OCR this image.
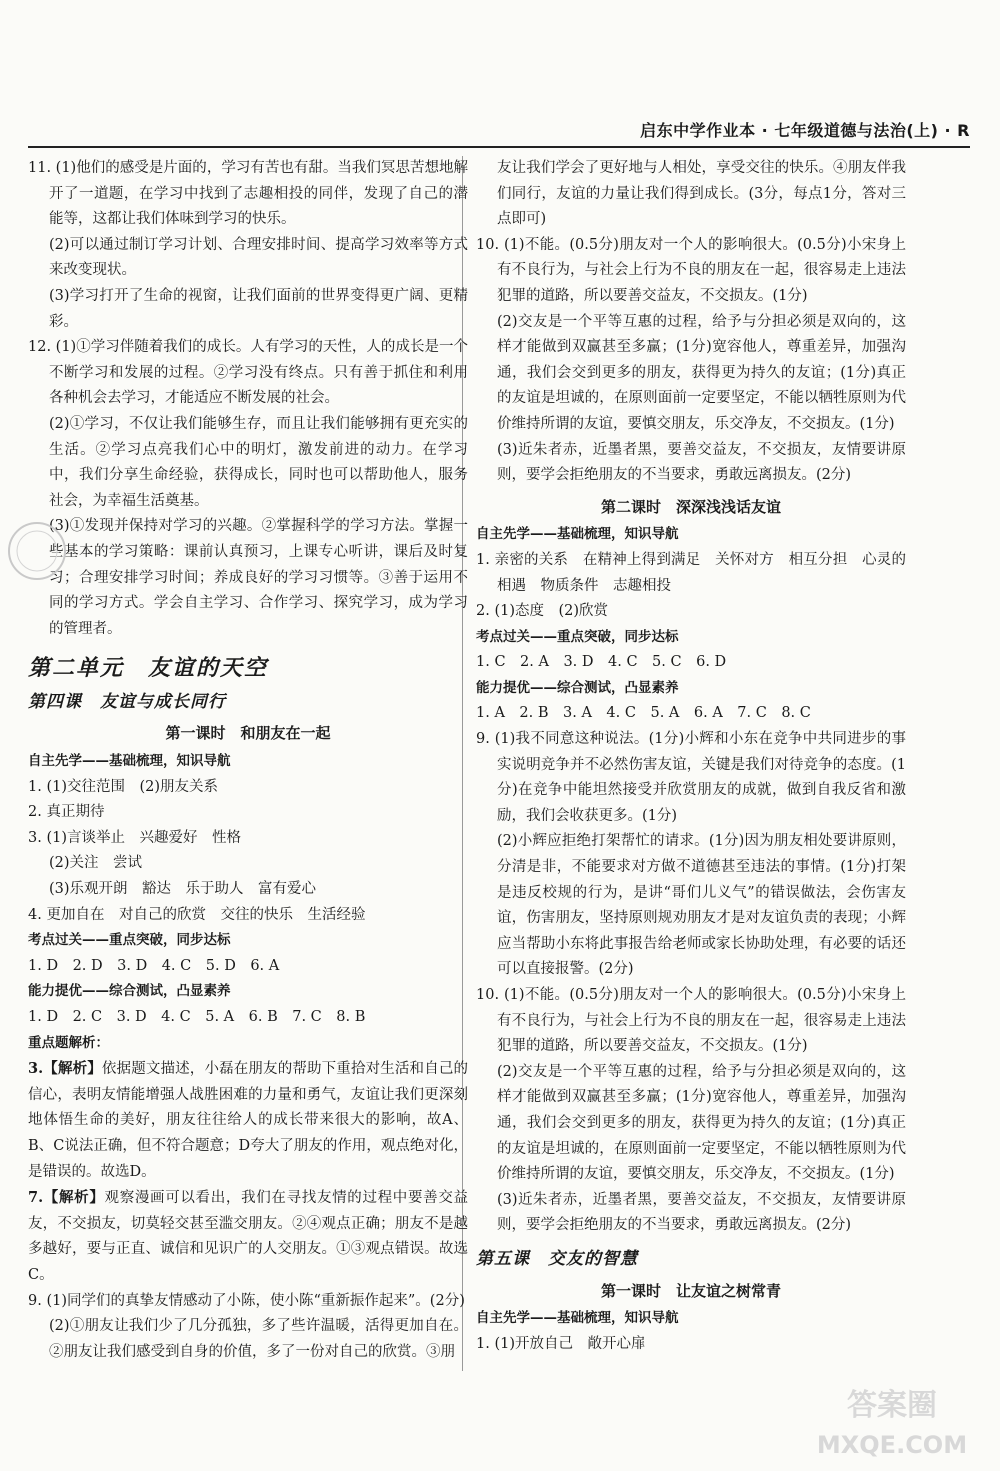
启东中学作业本 · 七年级道德与法治(上) · R

11. (1)他们的感受是片面的，学习有苦也有甜。当我们冥思苦想地解开了一道题，在学习中找到了志趣相投的同伴，发现了自己的潜能等，这都让我们体味到学习的快乐。

(2)可以通过制订学习计划、合理安排时间、提高学习效率等方式来改变现状。

(3)学习打开了生命的视窗，让我们面前的世界变得更广阔、更精彩。

12. (1)①学习伴随着我们的成长。人有学习的天性，人的成长是一个不断学习和发展的过程。②学习没有终点。只有善于抓住和利用各种机会去学习，才能适应不断发展的社会。

(2)①学习，不仅让我们能够生存，而且让我们能够拥有更充实的生活。②学习点亮我们心中的明灯，激发前进的动力。在学习中，我们分享生命经验，获得成长，同时也可以帮助他人，服务社会，为幸福生活奠基。

(3)①发现并保持对学习的兴趣。②掌握科学的学习方法。掌握一些基本的学习策略：课前认真预习，上课专心听讲，课后及时复习；合理安排学习时间；养成良好的学习习惯等。③善于运用不同的学习方式。学会自主学习、合作学习、探究学习，成为学习的管理者。

第二单元　友谊的天空
第四课　友谊与成长同行
第一课时　和朋友在一起

自主先学——基础梳理，知识导航

1. (1)交往范围　(2)朋友关系

2. 真正期待

3. (1)言谈举止　兴趣爱好　性格

(2)关注　尝试

(3)乐观开朗　豁达　乐于助人　富有爱心

4. 更加自在　对自己的欣赏　交往的快乐　生活经验

考点过关——重点突破，同步达标

1. D　2. D　3. D　4. C　5. D　6. A

能力提优——综合测试，凸显素养

1. D　2. C　3. D　4. C　5. A　6. B　7. C　8. B

重点题解析：

3.【解析】依据题文描述，小磊在朋友的帮助下重拾对生活和自己的信心，表明友情能增强人战胜困难的力量和勇气，友谊让我们更深刻地体悟生命的美好，朋友往往给人的成长带来很大的影响，故A、B、C说法正确，但不符合题意；D夸大了朋友的作用，观点绝对化，是错误的。故选D。

7.【解析】观察漫画可以看出，我们在寻找友情的过程中要善交益友，不交损友，切莫轻交甚至滥交朋友。②④观点正确；朋友不是越多越好，要与正直、诚信和见识广的人交朋友。①③观点错误。故选C。

9. (1)同学们的真挚友情感动了小陈，使小陈“重新振作起来”。(2分)

(2)①朋友让我们少了几分孤独，多了些许温暖，活得更加自在。②朋友让我们感受到自身的价值，多了一份对自己的欣赏。③朋

友让我们学会了更好地与人相处，享受交往的快乐。④朋友伴我们同行，友谊的力量让我们得到成长。(3分，每点1分，答对三点即可)

10. (1)不能。(0.5分)朋友对一个人的影响很大。(0.5分)小宋身上有不良行为，与社会上行为不良的朋友在一起，很容易走上违法犯罪的道路，所以要善交益友，不交损友。(1分)

(2)交友是一个平等互惠的过程，给予与分担必须是双向的，这样才能做到双赢甚至多赢；(1分)宽容他人，尊重差异，加强沟通，我们会交到更多的朋友，获得更为持久的友谊；(1分)真正的友谊是坦诚的，在原则面前一定要坚定，不能以牺牲原则为代价维持所谓的友谊，要慎交朋友，乐交净友，不交损友。(1分)

(3)近朱者赤，近墨者黑，要善交益友，不交损友，友情要讲原则，要学会拒绝朋友的不当要求，勇敢远离损友。(2分)

第二课时　深深浅浅话友谊

自主先学——基础梳理，知识导航

1. 亲密的关系　在精神上得到满足　关怀对方　相互分担　心灵的相遇　物质条件　志趣相投

2. (1)态度　(2)欣赏

考点过关——重点突破，同步达标

1. C　2. A　3. D　4. C　5. C　6. D

能力提优——综合测试，凸显素养

1. A　2. B　3. A　4. C　5. A　6. A　7. C　8. C

9. (1)我不同意这种说法。(1分)小辉和小东在竞争中共同进步的事实说明竞争并不必然伤害友谊，关键是我们对待竞争的态度。(1分)在竞争中能坦然接受并欣赏朋友的成就，做到自我反省和激励，我们会收获更多。(1分)

(2)小辉应拒绝打架帮忙的请求。(1分)因为朋友相处要讲原则，分清是非，不能要求对方做不道德甚至违法的事情。(1分)打架是违反校规的行为，是讲“哥们儿义气”的错误做法，会伤害友谊，伤害朋友，坚持原则规劝朋友才是对友谊负责的表现；小辉应当帮助小东将此事报告给老师或家长协助处理，有必要的话还可以直接报警。(2分)

10. (1)不能。(0.5分)朋友对一个人的影响很大。(0.5分)小宋身上有不良行为，与社会上行为不良的朋友在一起，很容易走上违法犯罪的道路，所以要善交益友，不交损友。(1分)

(2)交友是一个平等互惠的过程，给予与分担必须是双向的，这样才能做到双赢甚至多赢；(1分)宽容他人，尊重差异，加强沟通，我们会交到更多的朋友，获得更为持久的友谊；(1分)真正的友谊是坦诚的，在原则面前一定要坚定，不能以牺牲原则为代价维持所谓的友谊，要慎交朋友，乐交净友，不交损友。(1分)

(3)近朱者赤，近墨者黑，要善交益友，不交损友，友情要讲原则，要学会拒绝朋友的不当要求，勇敢远离损友。(2分)

第五课　交友的智慧
第一课时　让友谊之树常青

自主先学——基础梳理，知识导航

1. (1)开放自己　敞开心扉

答案圈
MXQE.COM
